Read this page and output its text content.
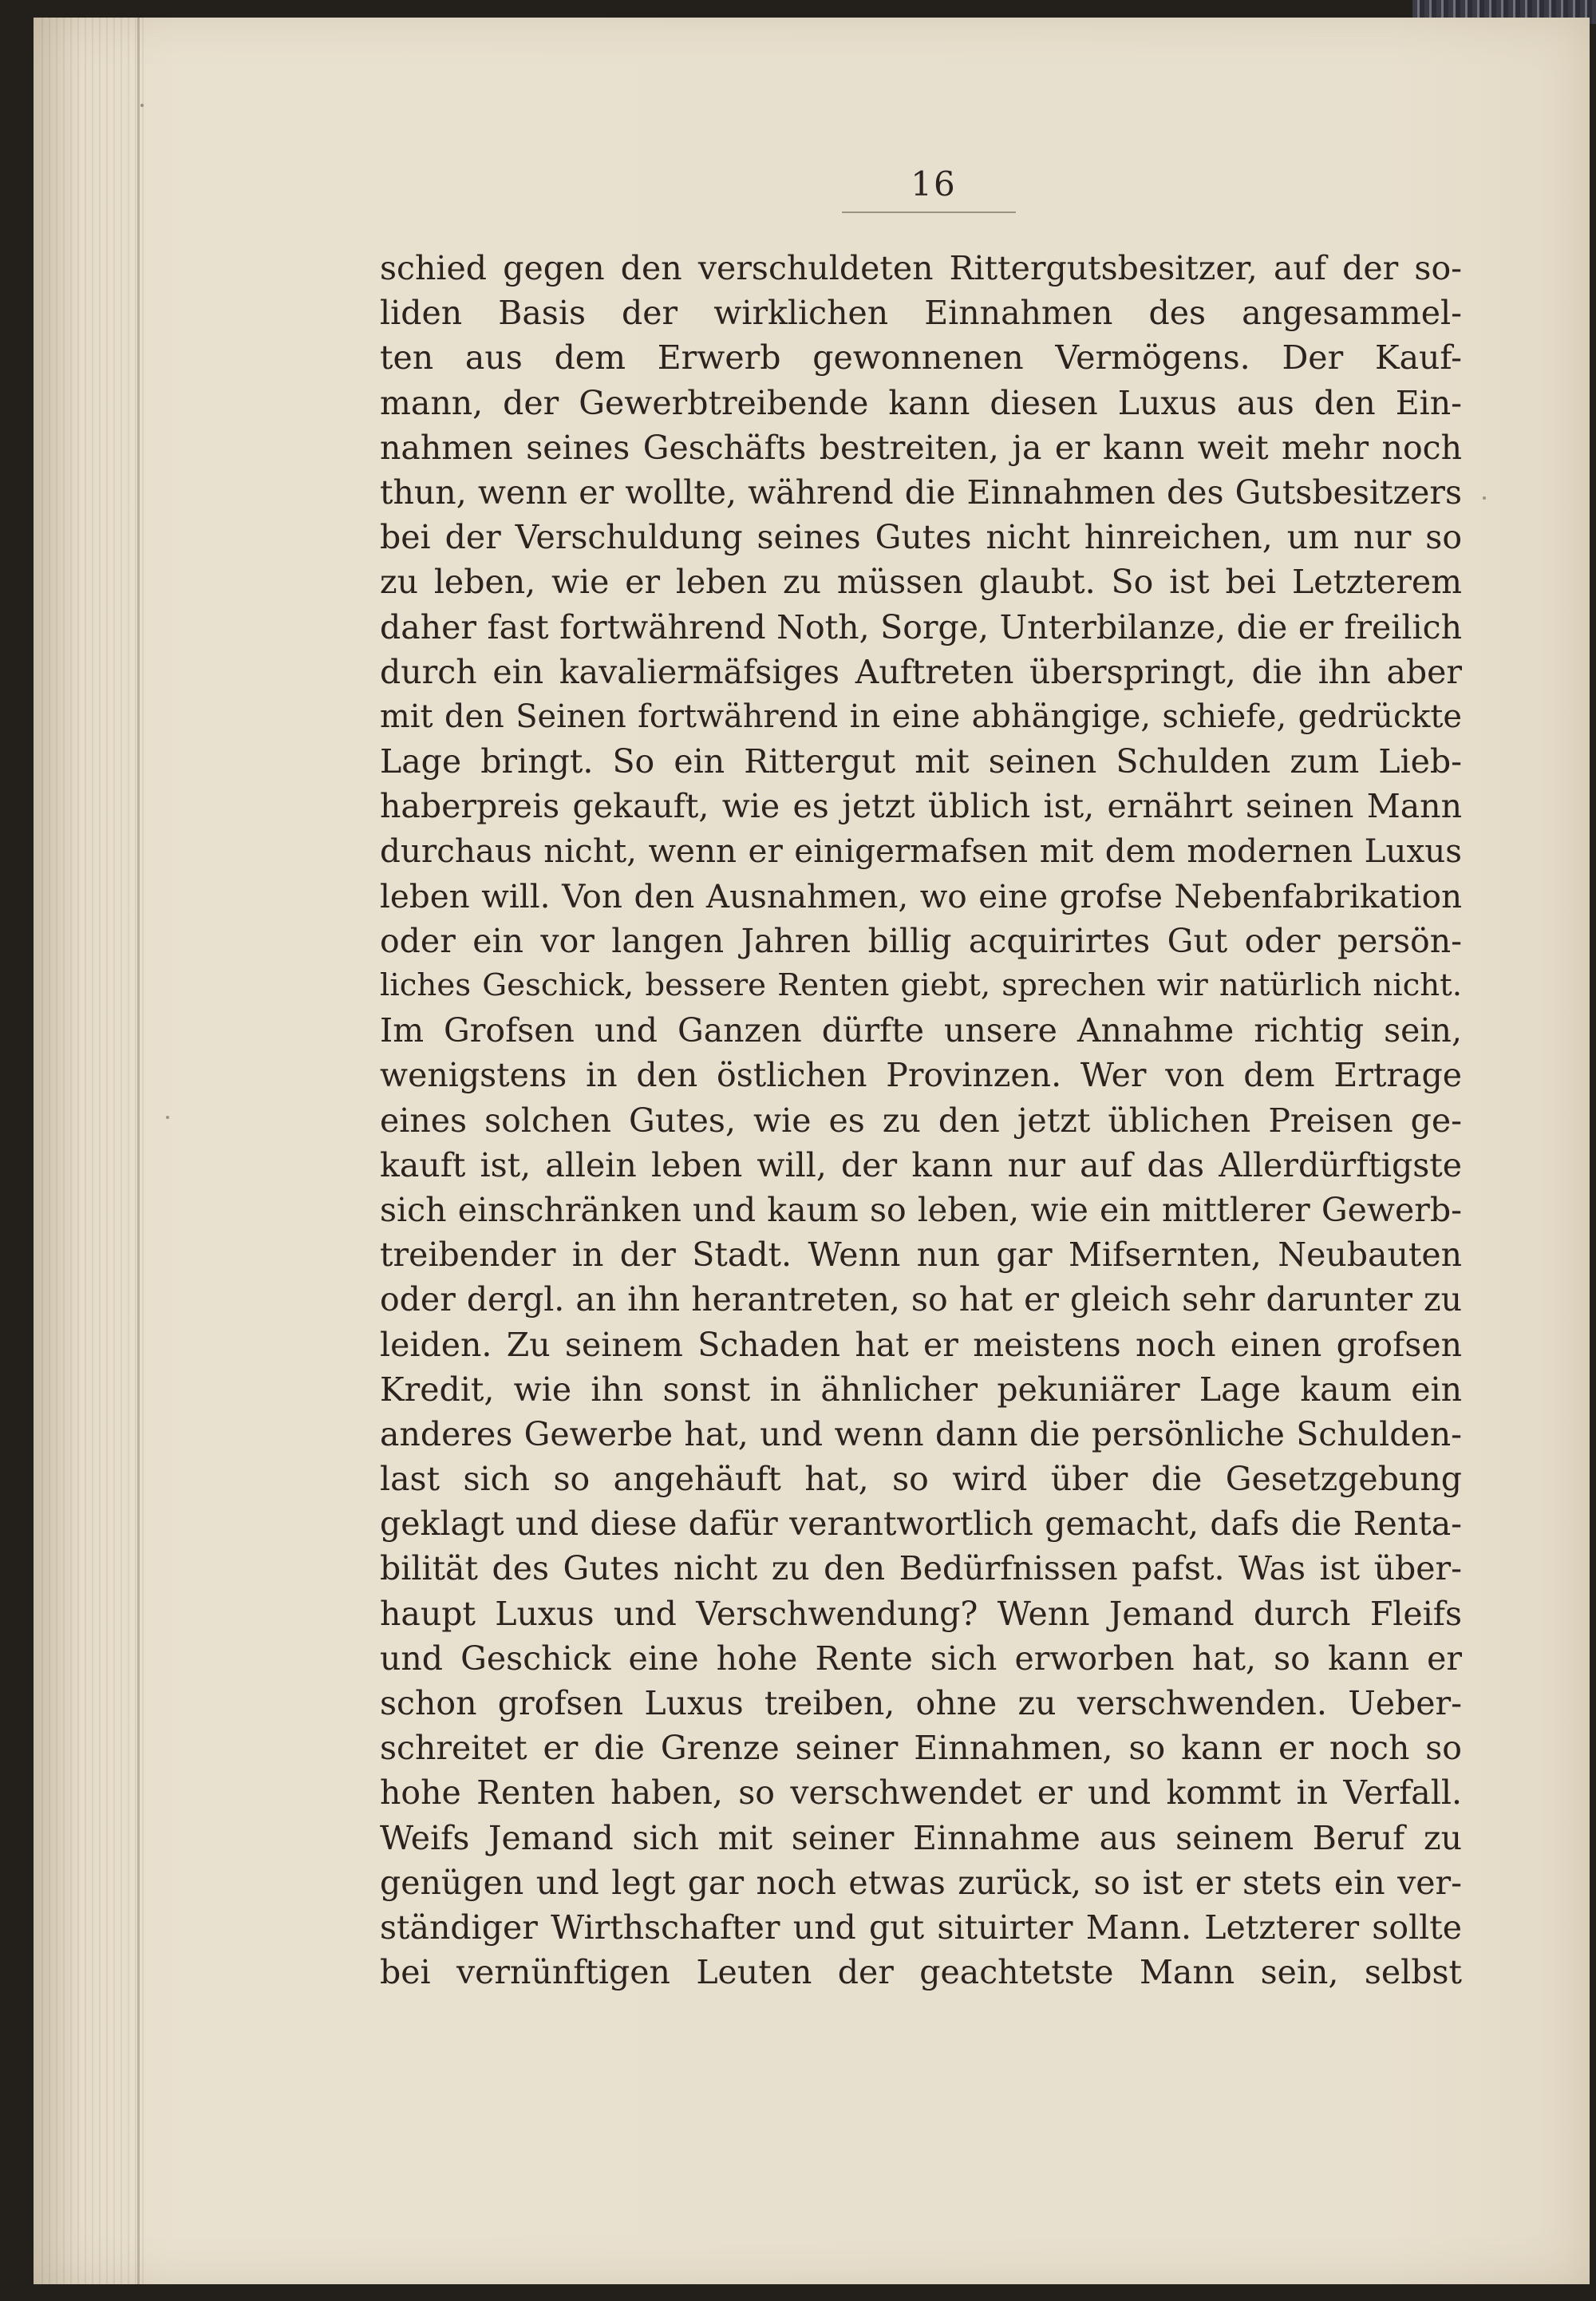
16
schied gegen den verschuldeten Rittergutsbesitzer, auf der so-
liden Basis der wirklichen Einnahmen des angesammel-
ten aus dem Erwerb gewonnenen Vermögens. Der Kauf-
mann, der Gewerbtreibende kann diesen Luxus aus den Ein-
nahmen seines Geschäfts bestreiten, ja er kann weit mehr noch
thun, wenn er wollte, während die Einnahmen des Gutsbesitzers
bei der Verschuldung seines Gutes nicht hinreichen, um nur so
zu leben, wie er leben zu müssen glaubt. So ist bei Letzterem
daher fast fortwährend Noth, Sorge, Unterbilanze, die er freilich
durch ein kavaliermäfsiges Auftreten überspringt, die ihn aber
mit den Seinen fortwährend in eine abhängige, schiefe, gedrückte
Lage bringt. So ein Rittergut mit seinen Schulden zum Lieb-
haberpreis gekauft, wie es jetzt üblich ist, ernährt seinen Mann
durchaus nicht, wenn er einigermafsen mit dem modernen Luxus
leben will. Von den Ausnahmen, wo eine grofse Nebenfabrikation
oder ein vor langen Jahren billig acquirirtes Gut oder persön-
liches Geschick, bessere Renten giebt, sprechen wir natürlich nicht.
Im Grofsen und Ganzen dürfte unsere Annahme richtig sein,
wenigstens in den östlichen Provinzen. Wer von dem Ertrage
eines solchen Gutes, wie es zu den jetzt üblichen Preisen ge-
kauft ist, allein leben will, der kann nur auf das Allerdürftigste
sich einschränken und kaum so leben, wie ein mittlerer Gewerb-
treibender in der Stadt. Wenn nun gar Mifsernten, Neubauten
oder dergl. an ihn herantreten, so hat er gleich sehr darunter zu
leiden. Zu seinem Schaden hat er meistens noch einen grofsen
Kredit, wie ihn sonst in ähnlicher pekuniärer Lage kaum ein
anderes Gewerbe hat, und wenn dann die persönliche Schulden-
last sich so angehäuft hat, so wird über die Gesetzgebung
geklagt und diese dafür verantwortlich gemacht, dafs die Renta-
bilität des Gutes nicht zu den Bedürfnissen pafst. Was ist über-
haupt Luxus und Verschwendung? Wenn Jemand durch Fleifs
und Geschick eine hohe Rente sich erworben hat, so kann er
schon grofsen Luxus treiben, ohne zu verschwenden. Ueber-
schreitet er die Grenze seiner Einnahmen, so kann er noch so
hohe Renten haben, so verschwendet er und kommt in Verfall.
Weifs Jemand sich mit seiner Einnahme aus seinem Beruf zu
genügen und legt gar noch etwas zurück, so ist er stets ein ver-
ständiger Wirthschafter und gut situirter Mann. Letzterer sollte
bei vernünftigen Leuten der geachtetste Mann sein, selbst
